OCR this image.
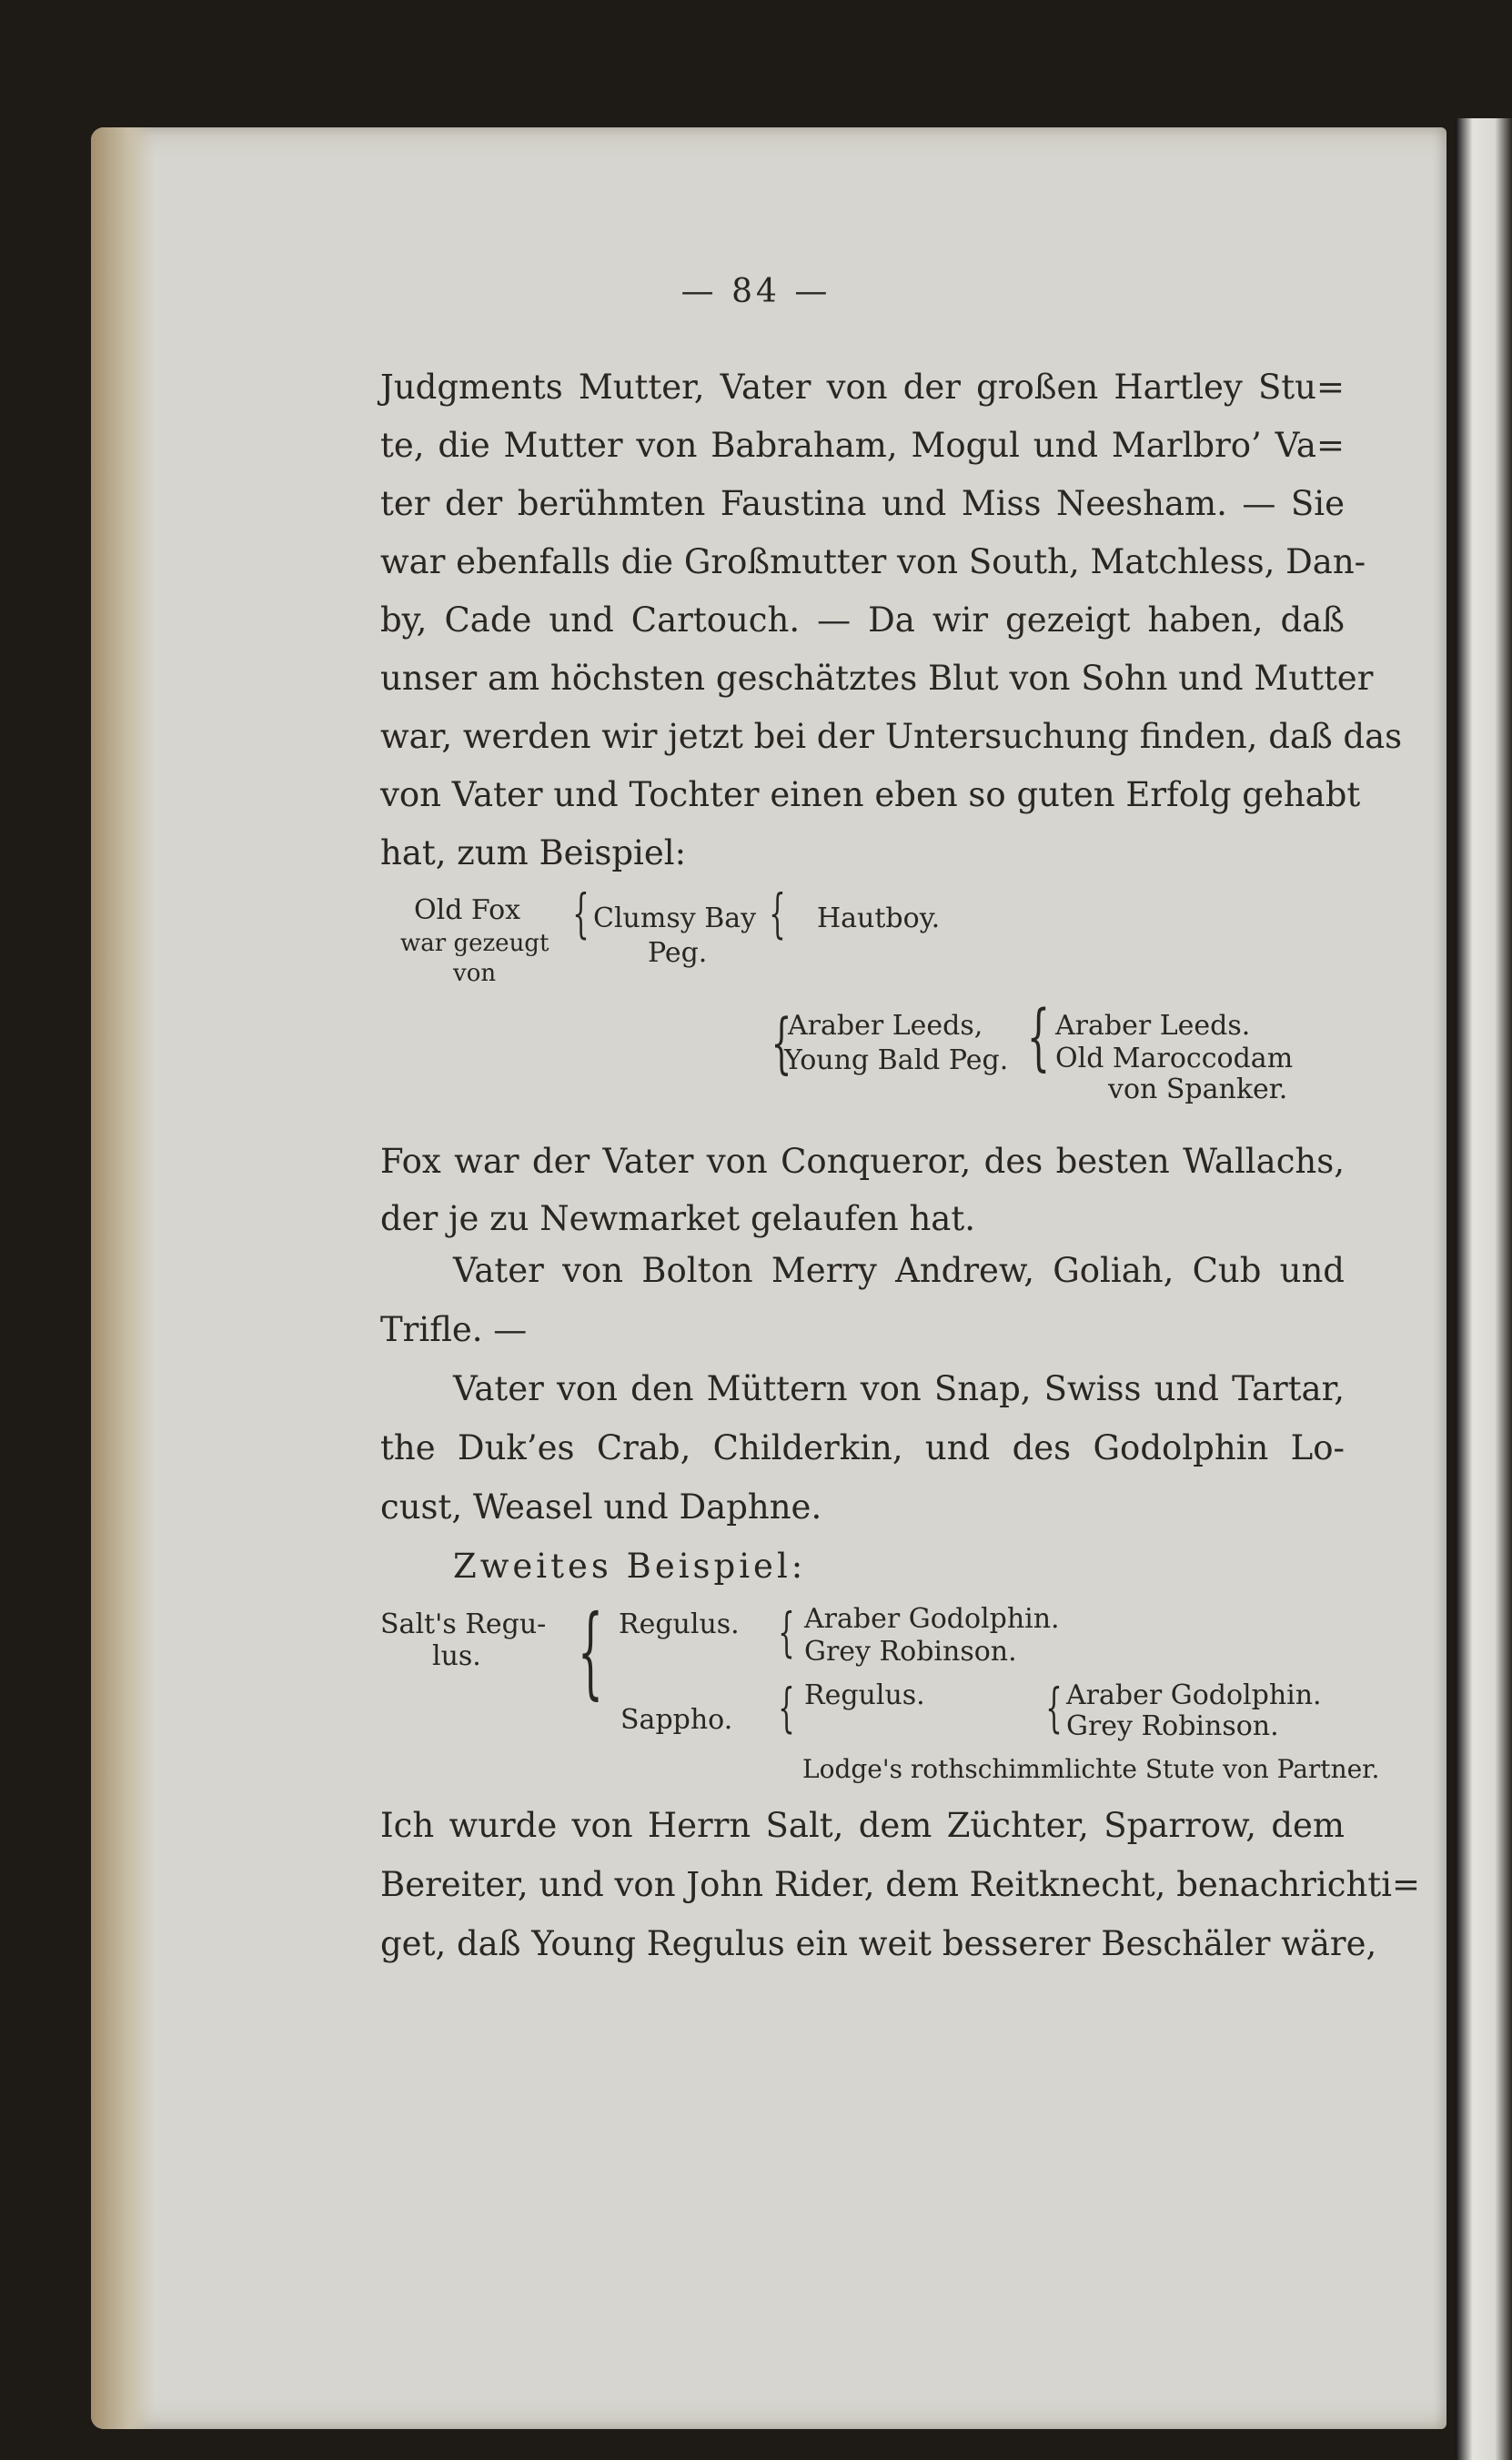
— 84 —
Judgments Mutter, Vater von der großen Hartley Stu=
te, die Mutter von Babraham, Mogul und Marlbro’ Va=
ter der berühmten Faustina und Miss Neesham. — Sie
war ebenfalls die Großmutter von South, Matchless, Dan-
by, Cade und Cartouch. — Da wir gezeigt haben, daß
unser am höchsten geschätztes Blut von Sohn und Mutter
war, werden wir jetzt bei der Untersuchung finden, daß das
von Vater und Tochter einen eben so guten Erfolg gehabt
hat, zum Beispiel:
Old Fox
war gezeugt
von
{ Clumsy Bay
Peg.
{ Hautboy.
{
Araber Leeds,
Young Bald Peg. { Araber Leeds.
Old Maroccodam
von Spanker.
Fox war der Vater von Conqueror, des besten Wallachs,
der je zu Newmarket gelaufen hat.
Vater von Bolton Merry Andrew, Goliah, Cub und
Trifle. —
Vater von den Müttern von Snap, Swiss und Tartar,
the Duk’es Crab, Childerkin, und des Godolphin Lo-
cust, Weasel und Daphne.
Zweites Beispiel:
Salt's Regu-
lus. { Regulus.
Sappho.
{ Araber Godolphin.
Grey Robinson.
{ Regulus. { Araber Godolphin.
Grey Robinson.
Lodge's rothschimmlichte Stute von Partner.
Ich wurde von Herrn Salt, dem Züchter, Sparrow, dem
Bereiter, und von John Rider, dem Reitknecht, benachrichti=
get, daß Young Regulus ein weit besserer Beschäler wäre,
